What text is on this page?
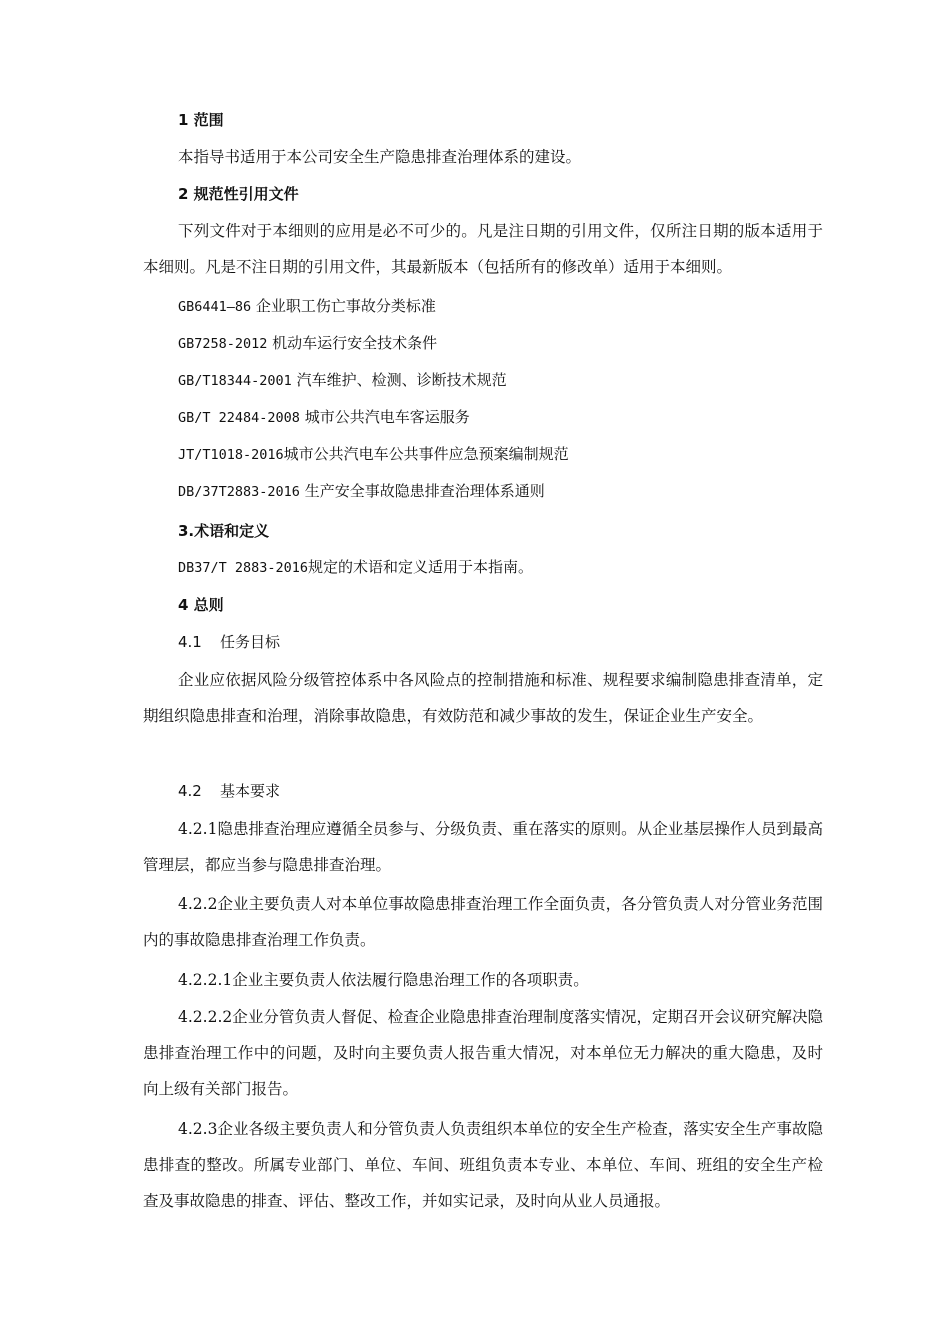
1 范围
本指导书适用于本公司安全生产隐患排查治理体系的建设。
2 规范性引用文件
下列文件对于本细则的应用是必不可少的。凡是注日期的引用文件，仅所注日期的版本适用于本细则。凡是不注日期的引用文件，其最新版本（包括所有的修改单）适用于本细则。
GB6441—86 企业职工伤亡事故分类标准
GB7258-2012 机动车运行安全技术条件
GB/T18344-2001 汽车维护、检测、诊断技术规范
GB/T 22484-2008 城市公共汽电车客运服务
JT/T1018-2016城市公共汽电车公共事件应急预案编制规范
DB/37T2883-2016 生产安全事故隐患排查治理体系通则
3.术语和定义
DB37/T 2883-2016规定的术语和定义适用于本指南。
4 总则
4.1 任务目标
企业应依据风险分级管控体系中各风险点的控制措施和标准、规程要求编制隐患排查清单，定期组织隐患排查和治理，消除事故隐患，有效防范和减少事故的发生，保证企业生产安全。
4.2 基本要求
4.2.1隐患排查治理应遵循全员参与、分级负责、重在落实的原则。从企业基层操作人员到最高管理层，都应当参与隐患排查治理。
4.2.2企业主要负责人对本单位事故隐患排查治理工作全面负责，各分管负责人对分管业务范围内的事故隐患排查治理工作负责。
4.2.2.1企业主要负责人依法履行隐患治理工作的各项职责。
4.2.2.2企业分管负责人督促、检查企业隐患排查治理制度落实情况，定期召开会议研究解决隐患排查治理工作中的问题，及时向主要负责人报告重大情况，对本单位无力解决的重大隐患，及时向上级有关部门报告。
4.2.3企业各级主要负责人和分管负责人负责组织本单位的安全生产检查，落实安全生产事故隐患排查的整改。所属专业部门、单位、车间、班组负责本专业、本单位、车间、班组的安全生产检查及事故隐患的排查、评估、整改工作，并如实记录，及时向从业人员通报。
